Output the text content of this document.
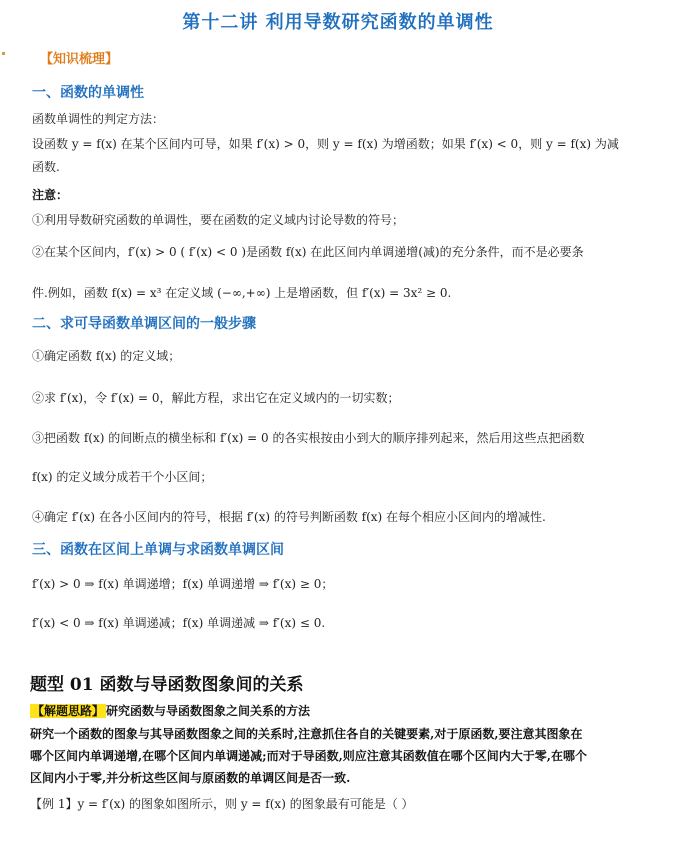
第十二讲 利用导数研究函数的单调性
【知识梳理】
一、函数的单调性
函数单调性的判定方法：
设函数 y = f(x) 在某个区间内可导，如果 f′(x) > 0，则 y = f(x) 为增函数；如果 f′(x) < 0，则 y = f(x) 为减
函数.
注意：
①利用导数研究函数的单调性，要在函数的定义域内讨论导数的符号；
②在某个区间内，f′(x) > 0 ( f′(x) < 0 )是函数 f(x) 在此区间内单调递增(减)的充分条件，而不是必要条
件.例如，函数 f(x) = x³ 在定义域 (−∞,+∞) 上是增函数，但 f′(x) = 3x² ≥ 0.
二、求可导函数单调区间的一般步骤
①确定函数 f(x) 的定义域；
②求 f′(x)，令 f′(x) = 0，解此方程，求出它在定义域内的一切实数；
③把函数 f(x) 的间断点的横坐标和 f′(x) = 0 的各实根按由小到大的顺序排列起来，然后用这些点把函数
f(x) 的定义域分成若干个小区间；
④确定 f′(x) 在各小区间内的符号，根据 f′(x) 的符号判断函数 f(x) 在每个相应小区间内的增减性.
三、函数在区间上单调与求函数单调区间
f′(x) > 0 ⇒ f(x) 单调递增；f(x) 单调递增 ⇒ f′(x) ≥ 0；
f′(x) < 0 ⇒ f(x) 单调递减；f(x) 单调递减 ⇒ f′(x) ≤ 0.
题型 01 函数与导函数图象间的关系
【解题思路】 研究函数与导函数图象之间关系的方法
研究一个函数的图象与其导函数图象之间的关系时,注意抓住各自的关键要素,对于原函数,要注意其图象在
哪个区间内单调递增,在哪个区间内单调递减;而对于导函数,则应注意其函数值在哪个区间内大于零,在哪个
区间内小于零,并分析这些区间与原函数的单调区间是否一致.
【例 1】y = f′(x) 的图象如图所示，则 y = f(x) 的图象最有可能是（ ）
